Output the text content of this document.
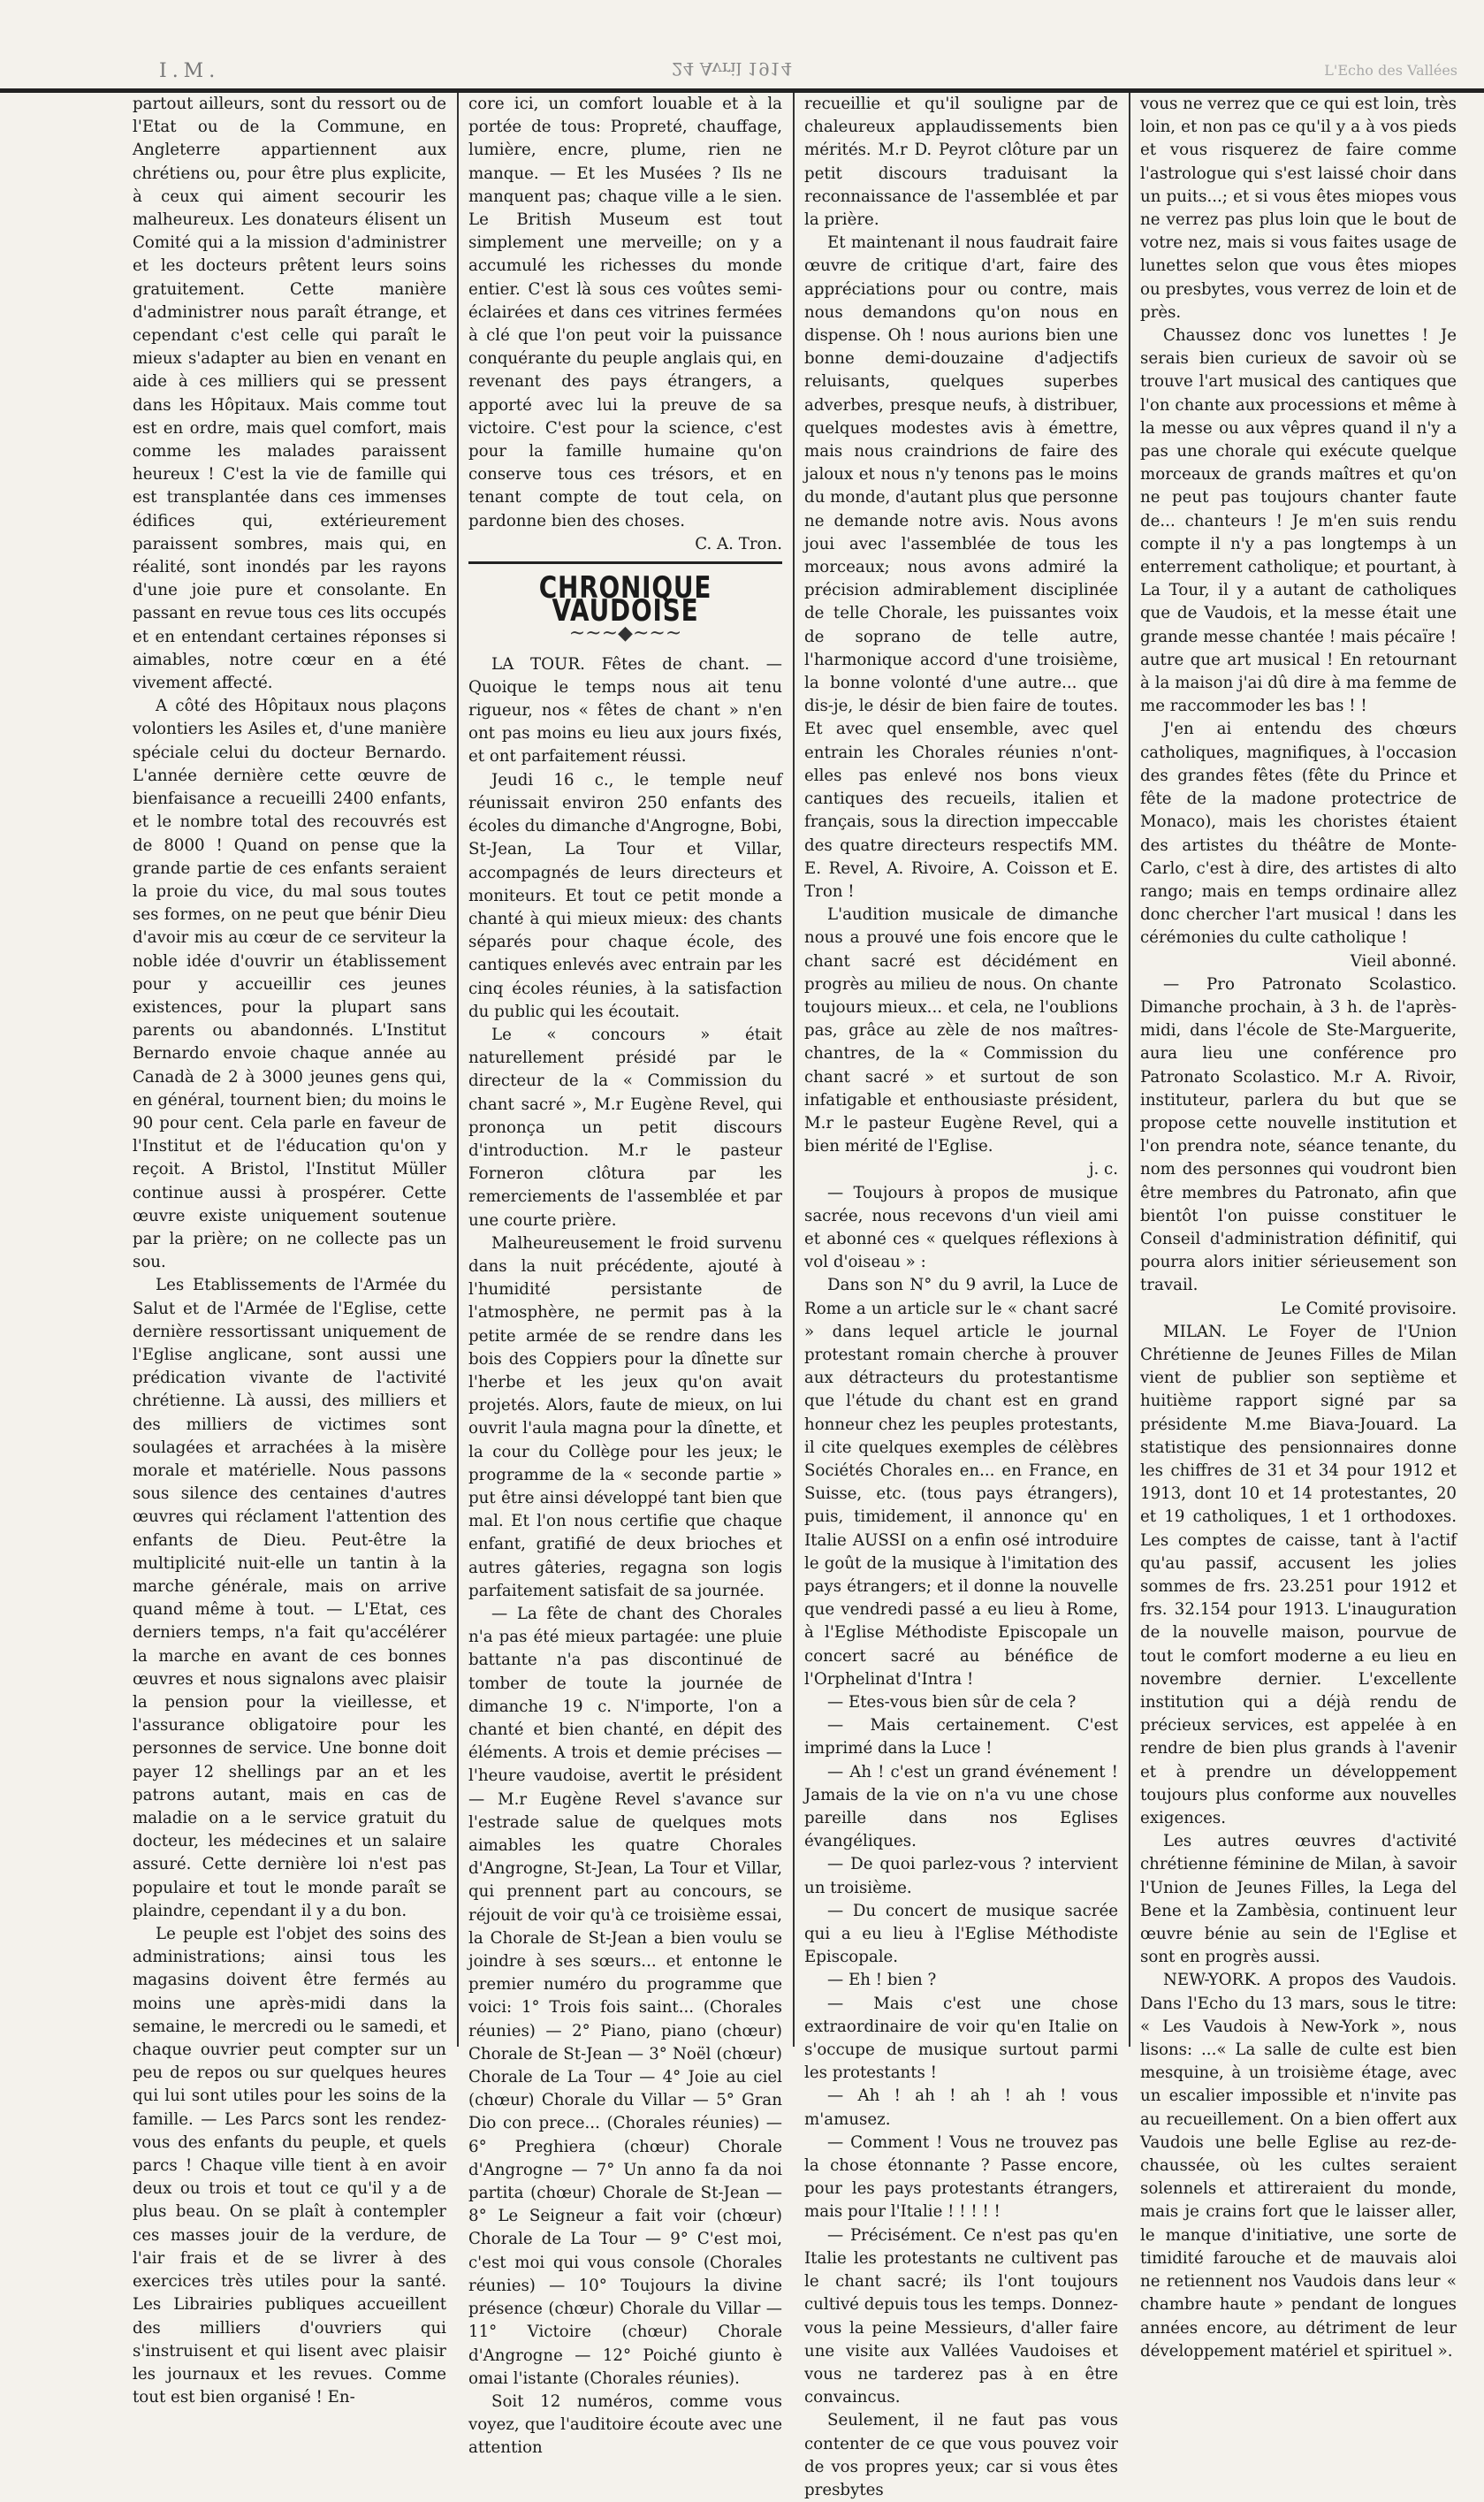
I.M.	24 Avril 1914	L'Echo des Vallées

partout ailleurs, sont du ressort ou de l'Etat ou de la Commune, en Angleterre appartiennent aux chrétiens ou, pour être plus explicite, à ceux qui aiment secourir les malheureux. Les donateurs élisent un Comité qui a la mission d'administrer et les docteurs prêtent leurs soins gratuitement. Cette manière d'administrer nous paraît étrange, et cependant c'est celle qui paraît le mieux s'adapter au bien en venant en aide à ces milliers qui se pressent dans les Hôpitaux. Mais comme tout est en ordre, mais quel comfort, mais comme les malades paraissent heureux ! C'est la vie de famille qui est transplantée dans ces immenses édifices qui, extérieurement paraissent sombres, mais qui, en réalité, sont inondés par les rayons d'une joie pure et consolante. En passant en revue tous ces lits occupés et en entendant certaines réponses si aimables, notre cœur en a été vivement affecté.

A côté des Hôpitaux nous plaçons volontiers les Asiles et, d'une manière spéciale celui du docteur Bernardo. L'année dernière cette œuvre de bienfaisance a recueilli 2400 enfants, et le nombre total des recouvrés est de 8000 ! Quand on pense que la grande partie de ces enfants seraient la proie du vice, du mal sous toutes ses formes, on ne peut que bénir Dieu d'avoir mis au cœur de ce serviteur la noble idée d'ouvrir un établissement pour y accueillir ces jeunes existences, pour la plupart sans parents ou abandonnés. L'Institut Bernardo envoie chaque année au Canadà de 2 à 3000 jeunes gens qui, en général, tournent bien; du moins le 90 pour cent. Cela parle en faveur de l'Institut et de l'éducation qu'on y reçoit. A Bristol, l'Institut Müller continue aussi à prospérer. Cette œuvre existe uniquement soutenue par la prière; on ne collecte pas un sou.

Les Etablissements de l'Armée du Salut et de l'Armée de l'Eglise, cette dernière ressortissant uniquement de l'Eglise anglicane, sont aussi une prédication vivante de l'activité chrétienne. Là aussi, des milliers et des milliers de victimes sont soulagées et arrachées à la misère morale et matérielle. Nous passons sous silence des centaines d'autres œuvres qui réclament l'attention des enfants de Dieu. Peut-être la multiplicité nuit-elle un tantin à la marche générale, mais on arrive quand même à tout. — L'Etat, ces derniers temps, n'a fait qu'accélérer la marche en avant de ces bonnes œuvres et nous signalons avec plaisir la pension pour la vieillesse, et l'assurance obligatoire pour les personnes de service. Une bonne doit payer 12 shellings par an et les patrons autant, mais en cas de maladie on a le service gratuit du docteur, les médecines et un salaire assuré. Cette dernière loi n'est pas populaire et tout le monde paraît se plaindre, cependant il y a du bon.

Le peuple est l'objet des soins des administrations; ainsi tous les magasins doivent être fermés au moins une après-midi dans la semaine, le mercredi ou le samedi, et chaque ouvrier peut compter sur un peu de repos ou sur quelques heures qui lui sont utiles pour les soins de la famille. — Les Parcs sont les rendez-vous des enfants du peuple, et quels parcs ! Chaque ville tient à en avoir deux ou trois et tout ce qu'il y a de plus beau. On se plaît à contempler ces masses jouir de la verdure, de l'air frais et de se livrer à des exercices très utiles pour la santé. Les Librairies publiques accueillent des milliers d'ouvriers qui s'instruisent et qui lisent avec plaisir les journaux et les revues. Comme tout est bien organisé ! En-

core ici, un comfort louable et à la portée de tous: Propreté, chauffage, lumière, encre, plume, rien ne manque. — Et les Musées ? Ils ne manquent pas; chaque ville a le sien. Le British Museum est tout simplement une merveille; on y a accumulé les richesses du monde entier. C'est là sous ces voûtes semi-éclairées et dans ces vitrines fermées à clé que l'on peut voir la puissance conquérante du peuple anglais qui, en revenant des pays étrangers, a apporté avec lui la preuve de sa victoire. C'est pour la science, c'est pour la famille humaine qu'on conserve tous ces trésors, et en tenant compte de tout cela, on pardonne bien des choses.

C. A. Tron.

CHRONIQUE VAUDOISE
~~~◆~~~

LA TOUR. Fêtes de chant. — Quoique le temps nous ait tenu rigueur, nos « fêtes de chant » n'en ont pas moins eu lieu aux jours fixés, et ont parfaitement réussi.

Jeudi 16 c., le temple neuf réunissait environ 250 enfants des écoles du dimanche d'Angrogne, Bobi, St-Jean, La Tour et Villar, accompagnés de leurs directeurs et moniteurs. Et tout ce petit monde a chanté à qui mieux mieux: des chants séparés pour chaque école, des cantiques enlevés avec entrain par les cinq écoles réunies, à la satisfaction du public qui les écoutait.

Le « concours » était naturellement présidé par le directeur de la « Commission du chant sacré », M.r Eugène Revel, qui prononça un petit discours d'introduction. M.r le pasteur Forneron clôtura par les remerciements de l'assemblée et par une courte prière.

Malheureusement le froid survenu dans la nuit précédente, ajouté à l'humidité persistante de l'atmosphère, ne permit pas à la petite armée de se rendre dans les bois des Coppiers pour la dînette sur l'herbe et les jeux qu'on avait projetés. Alors, faute de mieux, on lui ouvrit l'aula magna pour la dînette, et la cour du Collège pour les jeux; le programme de la « seconde partie » put être ainsi développé tant bien que mal. Et l'on nous certifie que chaque enfant, gratifié de deux brioches et autres gâteries, regagna son logis parfaitement satisfait de sa journée.

— La fête de chant des Chorales n'a pas été mieux partagée: une pluie battante n'a pas discontinué de tomber de toute la journée de dimanche 19 c. N'importe, l'on a chanté et bien chanté, en dépit des éléments. A trois et demie précises — l'heure vaudoise, avertit le président — M.r Eugène Revel s'avance sur l'estrade salue de quelques mots aimables les quatre Chorales d'Angrogne, St-Jean, La Tour et Villar, qui prennent part au concours, se réjouit de voir qu'à ce troisième essai, la Chorale de St-Jean a bien voulu se joindre à ses sœurs... et entonne le premier numéro du programme que voici: 1° Trois fois saint... (Chorales réunies) — 2° Piano, piano (chœur) Chorale de St-Jean — 3° Noël (chœur) Chorale de La Tour — 4° Joie au ciel (chœur) Chorale du Villar — 5° Gran Dio con prece... (Chorales réunies) — 6° Preghiera (chœur) Chorale d'Angrogne — 7° Un anno fa da noi partita (chœur) Chorale de St-Jean — 8° Le Seigneur a fait voir (chœur) Chorale de La Tour — 9° C'est moi, c'est moi qui vous console (Chorales réunies) — 10° Toujours la divine présence (chœur) Chorale du Villar — 11° Victoire (chœur) Chorale d'Angrogne — 12° Poiché giunto è omai l'istante (Chorales réunies).

Soit 12 numéros, comme vous voyez, que l'auditoire écoute avec une attention

recueillie et qu'il souligne par de chaleureux applaudissements bien mérités. M.r D. Peyrot clôture par un petit discours traduisant la reconnaissance de l'assemblée et par la prière.

Et maintenant il nous faudrait faire œuvre de critique d'art, faire des appréciations pour ou contre, mais nous demandons qu'on nous en dispense. Oh ! nous aurions bien une bonne demi-douzaine d'adjectifs reluisants, quelques superbes adverbes, presque neufs, à distribuer, quelques modestes avis à émettre, mais nous craindrions de faire des jaloux et nous n'y tenons pas le moins du monde, d'autant plus que personne ne demande notre avis. Nous avons joui avec l'assemblée de tous les morceaux; nous avons admiré la précision admirablement disciplinée de telle Chorale, les puissantes voix de soprano de telle autre, l'harmonique accord d'une troisième, la bonne volonté d'une autre... que dis-je, le désir de bien faire de toutes. Et avec quel ensemble, avec quel entrain les Chorales réunies n'ont-elles pas enlevé nos bons vieux cantiques des recueils, italien et français, sous la direction impeccable des quatre directeurs respectifs MM. E. Revel, A. Rivoire, A. Coisson et E. Tron !

L'audition musicale de dimanche nous a prouvé une fois encore que le chant sacré est décidément en progrès au milieu de nous. On chante toujours mieux... et cela, ne l'oublions pas, grâce au zèle de nos maîtres-chantres, de la « Commission du chant sacré » et surtout de son infatigable et enthousiaste président, M.r le pasteur Eugène Revel, qui a bien mérité de l'Eglise.

j. c.

— Toujours à propos de musique sacrée, nous recevons d'un vieil ami et abonné ces « quelques réflexions à vol d'oiseau » :

Dans son N° du 9 avril, la Luce de Rome a un article sur le « chant sacré » dans lequel article le journal protestant romain cherche à prouver aux détracteurs du protestantisme que l'étude du chant est en grand honneur chez les peuples protestants, il cite quelques exemples de célèbres Sociétés Chorales en... en France, en Suisse, etc. (tous pays étrangers), puis, timidement, il annonce qu' en Italie AUSSI on a enfin osé introduire le goût de la musique à l'imitation des pays étrangers; et il donne la nouvelle que vendredi passé a eu lieu à Rome, à l'Eglise Méthodiste Episcopale un concert sacré au bénéfice de l'Orphelinat d'Intra !

— Etes-vous bien sûr de cela ?

— Mais certainement. C'est imprimé dans la Luce !

— Ah ! c'est un grand événement ! Jamais de la vie on n'a vu une chose pareille dans nos Eglises évangéliques.

— De quoi parlez-vous ? intervient un troisième.

— Du concert de musique sacrée qui a eu lieu à l'Eglise Méthodiste Episcopale.

— Eh ! bien ?

— Mais c'est une chose extraordinaire de voir qu'en Italie on s'occupe de musique surtout parmi les protestants !

— Ah ! ah ! ah ! ah ! vous m'amusez.

— Comment ! Vous ne trouvez pas la chose étonnante ? Passe encore, pour les pays protestants étrangers, mais pour l'Italie ! ! ! ! !

— Précisément. Ce n'est pas qu'en Italie les protestants ne cultivent pas le chant sacré; ils l'ont toujours cultivé depuis tous les temps. Donnez-vous la peine Messieurs, d'aller faire une visite aux Vallées Vaudoises et vous ne tarderez pas à en être convaincus.

Seulement, il ne faut pas vous contenter de ce que vous pouvez voir de vos propres yeux; car si vous êtes presbytes

vous ne verrez que ce qui est loin, très loin, et non pas ce qu'il y a à vos pieds et vous risquerez de faire comme l'astrologue qui s'est laissé choir dans un puits...; et si vous êtes miopes vous ne verrez pas plus loin que le bout de votre nez, mais si vous faites usage de lunettes selon que vous êtes miopes ou presbytes, vous verrez de loin et de près.

Chaussez donc vos lunettes ! Je serais bien curieux de savoir où se trouve l'art musical des cantiques que l'on chante aux processions et même à la messe ou aux vêpres quand il n'y a pas une chorale qui exécute quelque morceaux de grands maîtres et qu'on ne peut pas toujours chanter faute de... chanteurs ! Je m'en suis rendu compte il n'y a pas longtemps à un enterrement catholique; et pourtant, à La Tour, il y a autant de catholiques que de Vaudois, et la messe était une grande messe chantée ! mais pécaïre ! autre que art musical ! En retournant à la maison j'ai dû dire à ma femme de me raccommoder les bas ! !

J'en ai entendu des chœurs catholiques, magnifiques, à l'occasion des grandes fêtes (fête du Prince et fête de la madone protectrice de Monaco), mais les choristes étaient des artistes du théâtre de Monte-Carlo, c'est à dire, des artistes di alto rango; mais en temps ordinaire allez donc chercher l'art musical ! dans les cérémonies du culte catholique !

Vieil abonné.

— Pro Patronato Scolastico. Dimanche prochain, à 3 h. de l'après-midi, dans l'école de Ste-Marguerite, aura lieu une conférence pro Patronato Scolastico. M.r A. Rivoir, instituteur, parlera du but que se propose cette nouvelle institution et l'on prendra note, séance tenante, du nom des personnes qui voudront bien être membres du Patronato, afin que bientôt l'on puisse constituer le Conseil d'administration définitif, qui pourra alors initier sérieusement son travail.

Le Comité provisoire.

MILAN. Le Foyer de l'Union Chrétienne de Jeunes Filles de Milan vient de publier son septième et huitième rapport signé par sa présidente M.me Biava-Jouard. La statistique des pensionnaires donne les chiffres de 31 et 34 pour 1912 et 1913, dont 10 et 14 protestantes, 20 et 19 catholiques, 1 et 1 orthodoxes. Les comptes de caisse, tant à l'actif qu'au passif, accusent les jolies sommes de frs. 23.251 pour 1912 et frs. 32.154 pour 1913. L'inauguration de la nouvelle maison, pourvue de tout le comfort moderne a eu lieu en novembre dernier. L'excellente institution qui a déjà rendu de précieux services, est appelée à en rendre de bien plus grands à l'avenir et à prendre un développement toujours plus conforme aux nouvelles exigences.

Les autres œuvres d'activité chrétienne féminine de Milan, à savoir l'Union de Jeunes Filles, la Lega del Bene et la Zambèsia, continuent leur œuvre bénie au sein de l'Eglise et sont en progrès aussi.

NEW-YORK. A propos des Vaudois. Dans l'Echo du 13 mars, sous le titre: « Les Vaudois à New-York », nous lisons: ...« La salle de culte est bien mesquine, à un troisième étage, avec un escalier impossible et n'invite pas au recueillement. On a bien offert aux Vaudois une belle Eglise au rez-de-chaussée, où les cultes seraient solennels et attireraient du monde, mais je crains fort que le laisser aller, le manque d'initiative, une sorte de timidité farouche et de mauvais aloi ne retiennent nos Vaudois dans leur « chambre haute » pendant de longues années encore, au détriment de leur développement matériel et spirituel ».
